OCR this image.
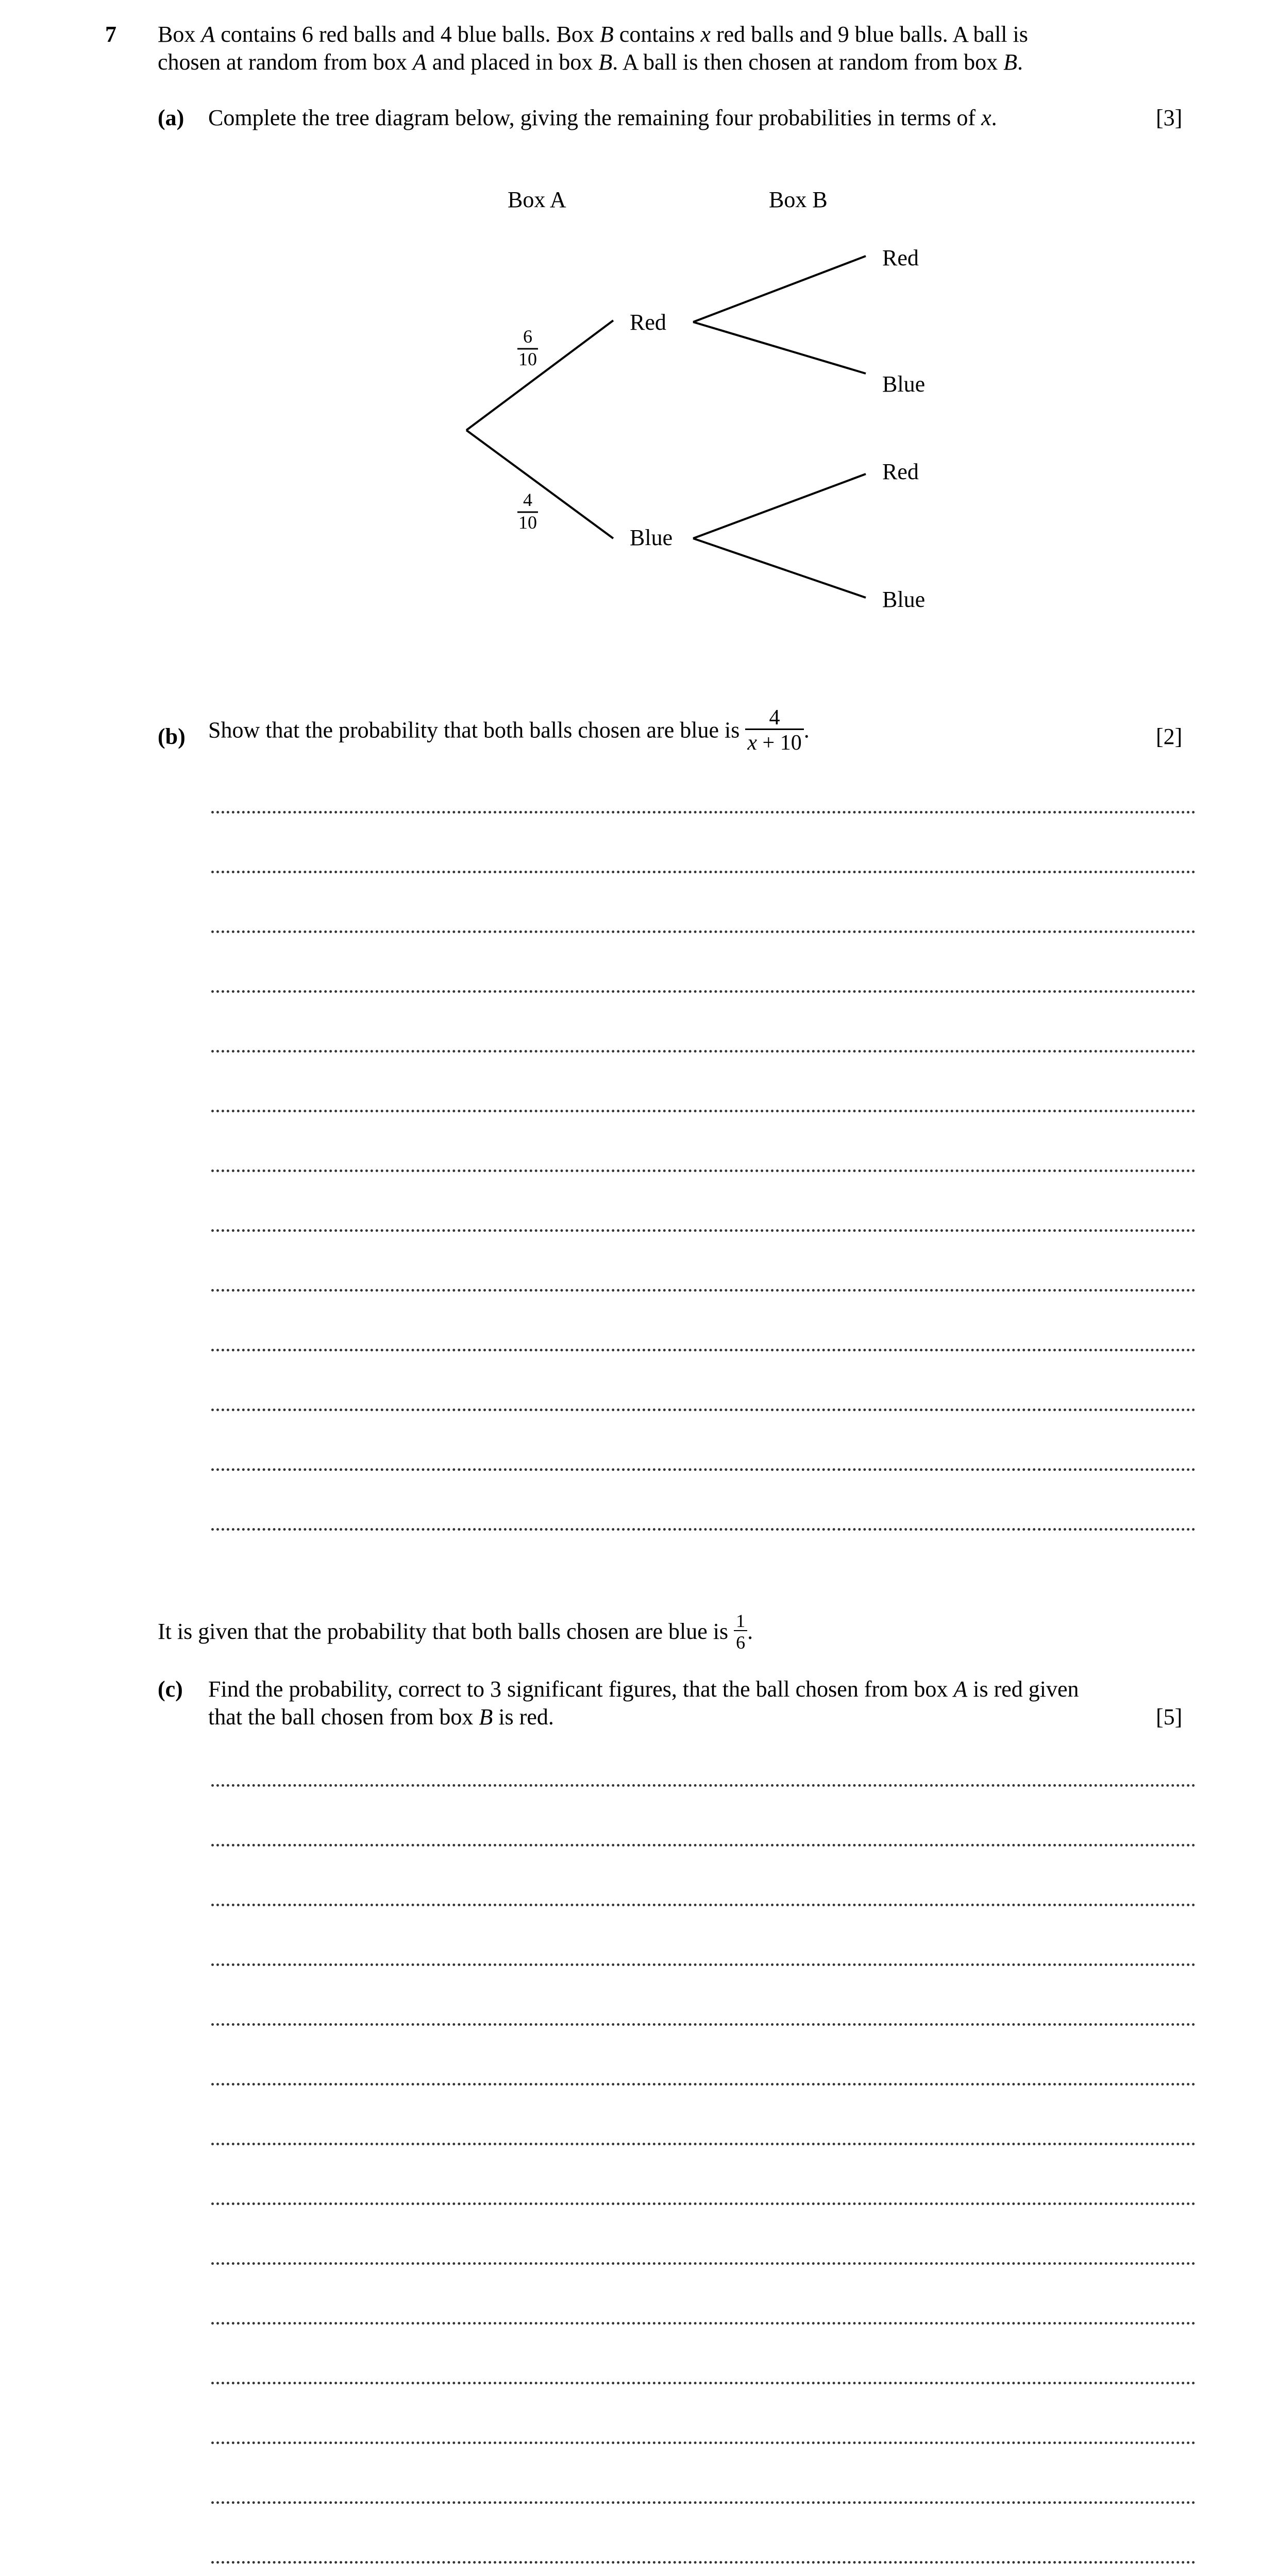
7 Box A contains 6 red balls and 4 blue balls. Box B contains x red balls and 9 blue balls. A ball is
chosen at random from box A and placed in box B. A ball is then chosen at random from box B.
(a) Complete the tree diagram below, giving the remaining four probabilities in terms of x.	[3]
Box A	Box B
6
10
4
10
Red
Blue
Red
Blue
Red
Blue
(b) Show that the probability that both balls chosen are blue is $\frac{4}{x + 10}$ .	[2]
It is given that the probability that both balls chosen are blue is $\frac{1}{6}$ .
(c) Find the probability, correct to 3 significant figures, that the ball chosen from box A is red given
that the ball chosen from box B is red.	[5]
